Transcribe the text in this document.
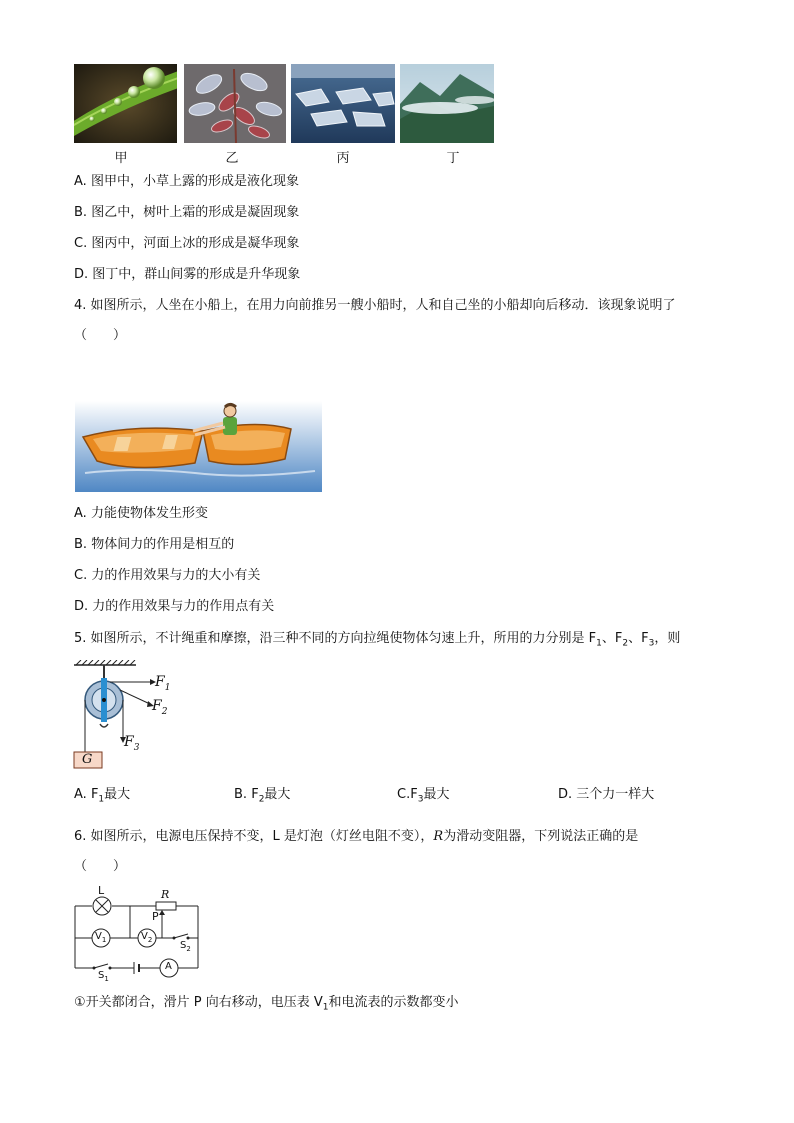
甲	乙	丙	丁
A. 图甲中，小草上露的形成是液化现象
B. 图乙中，树叶上霜的形成是凝固现象
C. 图丙中，河面上冰的形成是凝华现象
D. 图丁中，群山间雾的形成是升华现象
4. 如图所示，人坐在小船上，在用力向前推另一艘小船时，人和自己坐的小船却向后移动．该现象说明了
（　　）
A. 力能使物体发生形变
B. 物体间力的作用是相互的
C. 力的作用效果与力的大小有关
D. 力的作用效果与力的作用点有关
5. 如图所示，不计绳重和摩擦，沿三种不同的方向拉绳使物体匀速上升，所用的力分别是 $F_1$、$F_2$、$F_3$，则
$F_1$
$F_2$
$F_3$
G
A. $F_1$最大	B. $F_2$最大	$C.F_3$最大	D. 三个力一样大
6. 如图所示，电源电压保持不变，L 是灯泡（灯丝电阻不变），R为滑动变阻器，下列说法正确的是
（　　）
L	R
P
$V_1$	$V_2$
A
$S_2$
$S_1$
①开关都闭合，滑片 P 向右移动，电压表 $V_1$和电流表的示数都变小
